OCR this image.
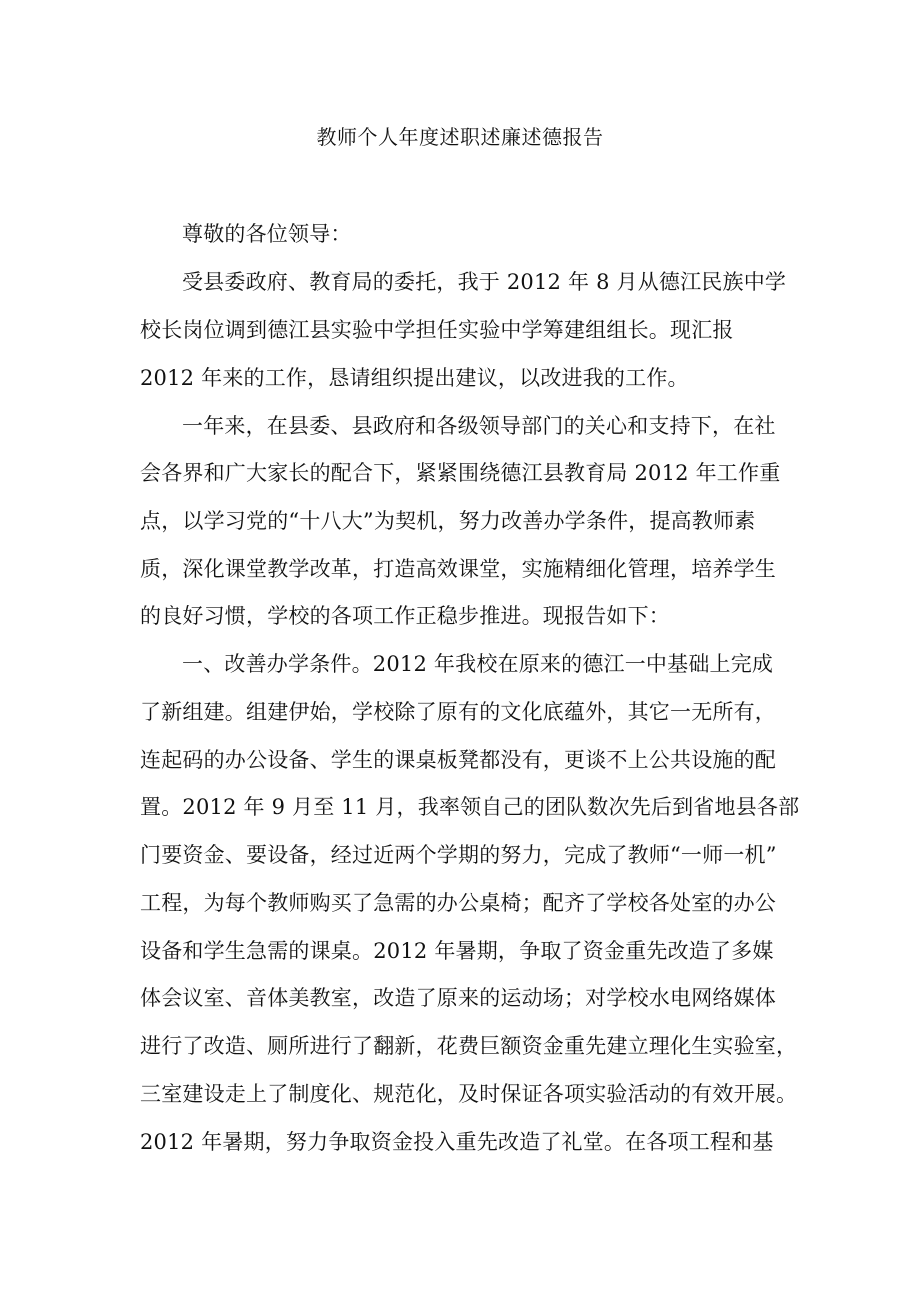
教师个人年度述职述廉述德报告
尊敬的各位领导：
受县委政府、教育局的委托，我于 2012 年 8 月从德江民族中学
校长岗位调到德江县实验中学担任实验中学筹建组组长。现汇报
2012 年来的工作，恳请组织提出建议，以改进我的工作。
一年来，在县委、县政府和各级领导部门的关心和支持下，在社
会各界和广大家长的配合下，紧紧围绕德江县教育局 2012 年工作重
点，以学习党的“十八大”为契机，努力改善办学条件，提高教师素
质，深化课堂教学改革，打造高效课堂，实施精细化管理，培养学生
的良好习惯，学校的各项工作正稳步推进。现报告如下：
一、改善办学条件。2012 年我校在原来的德江一中基础上完成
了新组建。组建伊始，学校除了原有的文化底蕴外，其它一无所有，
连起码的办公设备、学生的课桌板凳都没有，更谈不上公共设施的配
置。2012 年 9 月至 11 月，我率领自己的团队数次先后到省地县各部
门要资金、要设备，经过近两个学期的努力，完成了教师“一师一机”
工程，为每个教师购买了急需的办公桌椅；配齐了学校各处室的办公
设备和学生急需的课桌。2012 年暑期，争取了资金重先改造了多媒
体会议室、音体美教室，改造了原来的运动场；对学校水电网络媒体
进行了改造、厕所进行了翻新，花费巨额资金重先建立理化生实验室，
三室建设走上了制度化、规范化，及时保证各项实验活动的有效开展。
2012 年暑期，努力争取资金投入重先改造了礼堂。在各项工程和基
